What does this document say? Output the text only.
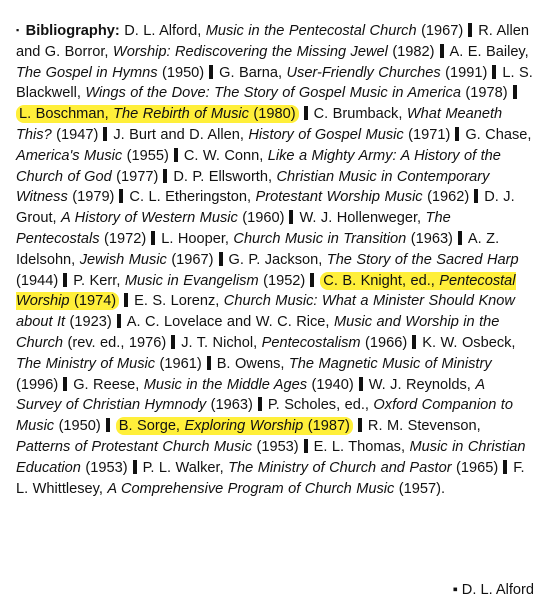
▪ Bibliography: D. L. Alford, Music in the Pentecostal Church (1967) R. Allen and G. Borror, Worship: Rediscovering the Missing Jewel (1982) A. E. Bailey, The Gospel in Hymns (1950) G. Barna, User-Friendly Churches (1991) L. S. Blackwell, Wings of the Dove: The Story of Gospel Music in America (1978)L. Boschman, The Rebirth of Music (1980) C. Brumback, What Meaneth This? (1947) J. Burt and D. Allen, History of Gospel Music (1971) G. Chase, America's Music (1955) C. W. Conn, Like a Mighty Army: A History of the Church of God (1977) D. P. Ellsworth, Christian Music in Contemporary Witness (1979) C. L. Etheringston, Protestant Worship Music (1962) D. J. Grout, A History of Western Music (1960) W. J. Hollenweger, The Pentecostals (1972) L. Hooper, Church Music in Transition (1963) A. Z. Idelsohn, Jewish Music (1967) G. P. Jackson, The Story of the Sacred Harp (1944) P. Kerr, Music in Evangelism (1952) C. B. Knight, ed., Pentecostal Worship (1974) E. S. Lorenz, Church Music: What a Minister Should Know about It (1923) A. C. Lovelace and W. C. Rice, Music and Worship in the Church (rev. ed., 1976) J. T. Nichol, Pentecostalism (1966) K. W. Osbeck, The Ministry of Music (1961) B. Owens, The Magnetic Music of Ministry (1996) G. Reese, Music in the Middle Ages (1940) W. J. Reynolds, A Survey of Christian Hymnody (1963) P. Scholes, ed., Oxford Companion to Music (1950) B. Sorge, Exploring Worship (1987) R. M. Stevenson, Patterns of Protestant Church Music (1953) E. L. Thomas, Music in Christian Education (1953) P. L. Walker, The Ministry of Church and Pastor (1965) F. L. Whittlesey, A Comprehensive Program of Church Music (1957).
▪ D. L. Alford
